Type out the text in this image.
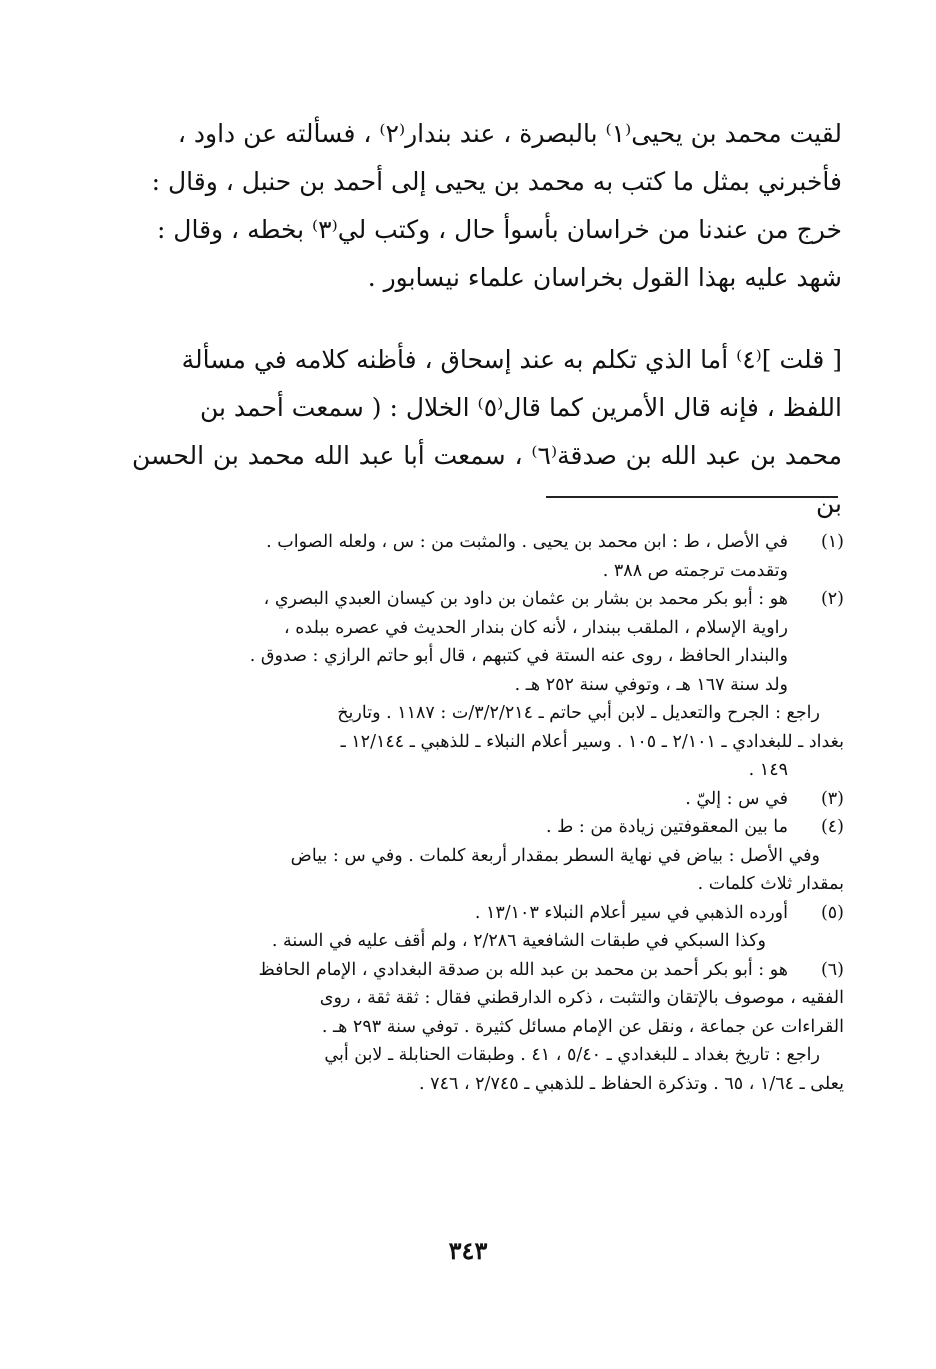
لقيت محمد بن يحيى⁽١⁾ بالبصرة ، عند بندار⁽٢⁾ ، فسألته عن داود ،

فأخبرني بمثل ما كتب به محمد بن يحيى إلى أحمد بن حنبل ، وقال :

خرج من عندنا من خراسان بأسوأ حال ، وكتب لي⁽٣⁾ بخطه ، وقال :

شهد عليه بهذا القول بخراسان علماء نيسابور .

[ قلت ]⁽٤⁾ أما الذي تكلم به عند إسحاق ، فأظنه كلامه في مسألة

اللفظ ، فإنه قال الأمرين كما قال⁽٥⁾ الخلال : ( سمعت أحمد بن

محمد بن عبد الله بن صدقة⁽٦⁾ ، سمعت أبا عبد الله محمد بن الحسن بن

(١)
في الأصل ، ط : ابن محمد بن يحيى . والمثبت من : س ، ولعله الصواب .
وتقدمت ترجمته ص ٣٨٨ .
(٢)
هو : أبو بكر محمد بن بشار بن عثمان بن داود بن كيسان العبدي البصري ،
راوية الإسلام ، الملقب ببندار ، لأنه كان بندار الحديث في عصره ببلده ،
والبندار الحافظ ، روى عنه الستة في كتبهم ، قال أبو حاتم الرازي : صدوق .
ولد سنة ١٦٧ هـ ، وتوفي سنة ٢٥٢ هـ .
راجع : الجرح والتعديل ـ لابن أبي حاتم ـ ٣/٢/٢١٤/ت : ١١٨٧ . وتاريخ
بغداد ـ للبغدادي ـ ٢/١٠١ ـ ١٠٥ . وسير أعلام النبلاء ـ للذهبي ـ ١٢/١٤٤ ـ
١٤٩ .
(٣)
في س : إليّ .
(٤)
ما بين المعقوفتين زيادة من : ط .
وفي الأصل : بياض في نهاية السطر بمقدار أربعة كلمات . وفي س : بياض
بمقدار ثلاث كلمات .
(٥)
أورده الذهبي في سير أعلام النبلاء ١٣/١٠٣ .
وكذا السبكي في طبقات الشافعية ٢/٢٨٦ ، ولم أقف عليه في السنة .
(٦)
هو : أبو بكر أحمد بن محمد بن عبد الله بن صدقة البغدادي ، الإمام الحافظ
الفقيه ، موصوف بالإتقان والتثبت ، ذكره الدارقطني فقال : ثقة ثقة ، روى
القراءات عن جماعة ، ونقل عن الإمام مسائل كثيرة . توفي سنة ٢٩٣ هـ .
راجع : تاريخ بغداد ـ للبغدادي ـ ٥/٤٠ ، ٤١ . وطبقات الحنابلة ـ لابن أبي
يعلى ـ ١/٦٤ ، ٦٥ . وتذكرة الحفاظ ـ للذهبي ـ ٢/٧٤٥ ، ٧٤٦ .
٣٤٣
